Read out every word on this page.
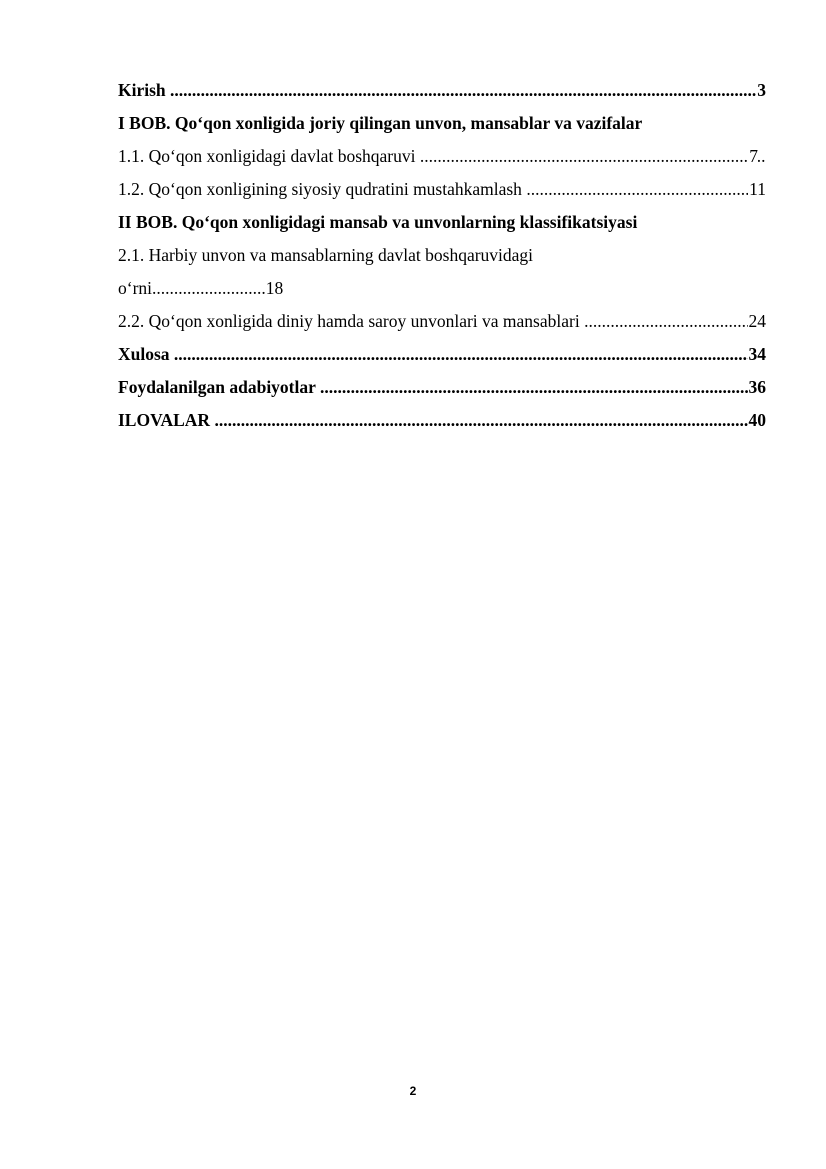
Kirish .....	3
I BOB. Qo‘qon xonligida joriy qilingan unvon, mansablar va vazifalar
1.1. Qo‘qon xonligidagi davlat boshqaruvi .....	7
1.2. Qo‘qon xonligining siyosiy qudratini mustahkamlash .....	11
II BOB. Qo‘qon xonligidagi mansab va unvonlarning klassifikatsiyasi
2.1. Harbiy unvon va mansablarning davlat boshqaruvidagi
o‘rni..........................18
2.2. Qo‘qon xonligida diniy hamda saroy unvonlari va mansablari .....	24
Xulosa .....	34
Foydalanilgan adabiyotlar .....	36
ILOVALAR .....	40
2
